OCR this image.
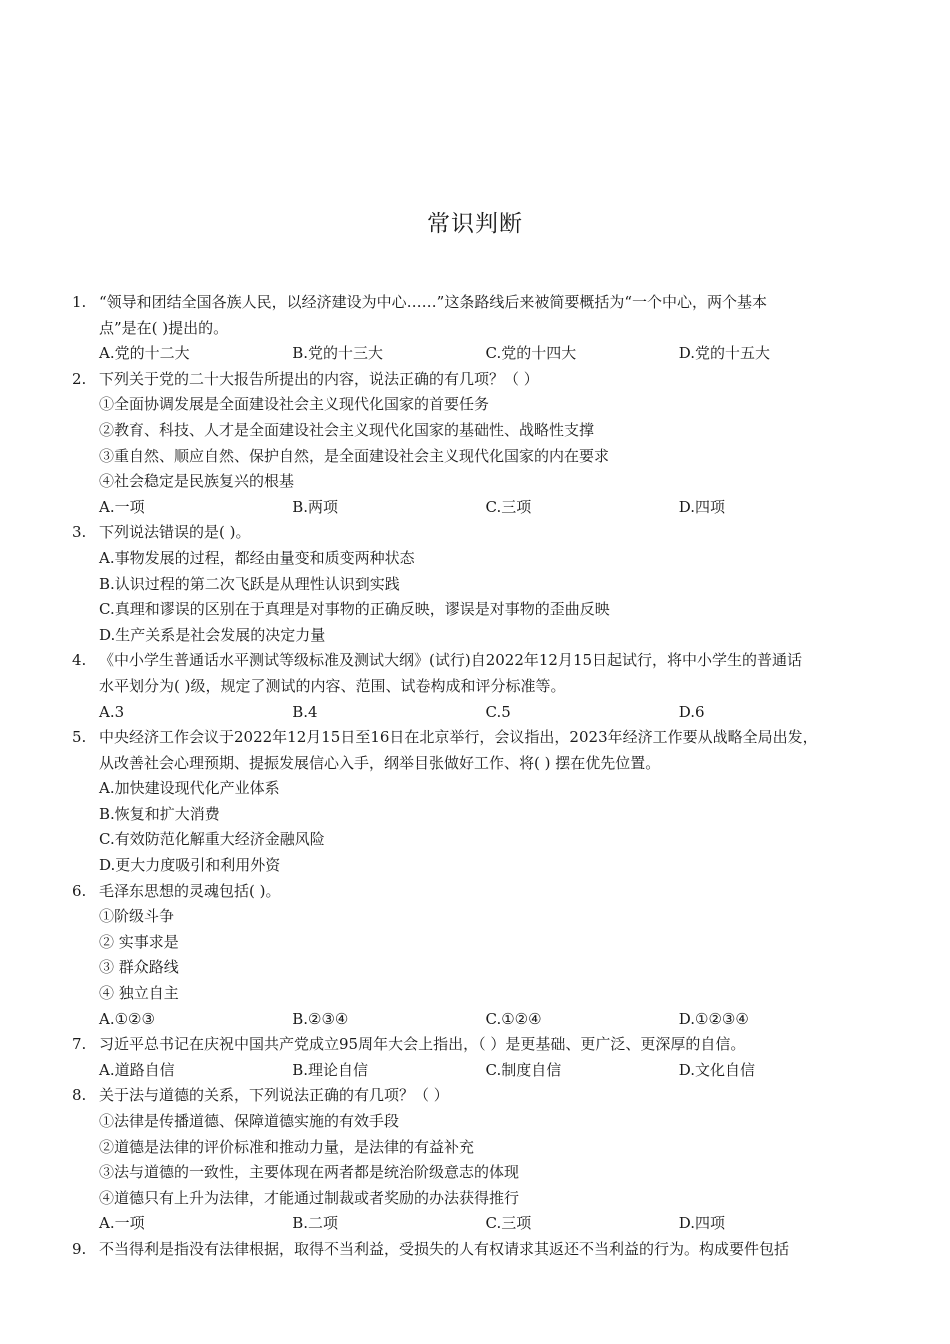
常识判断
1. “领导和团结全国各族人民，以经济建设为中心……”这条路线后来被简要概括为“一个中心，两个基本
点”是在( )提出的。
A.党的十二大	B.党的十三大	C.党的十四大	D.党的十五大
2. 下列关于党的二十大报告所提出的内容，说法正确的有几项？（ ）
①全面协调发展是全面建设社会主义现代化国家的首要任务
②教育、科技、人才是全面建设社会主义现代化国家的基础性、战略性支撑
③重自然、顺应自然、保护自然，是全面建设社会主义现代化国家的内在要求
④社会稳定是民族复兴的根基
A.一项	B.两项	C.三项	D.四项
3. 下列说法错误的是( )。
A.事物发展的过程，都经由量变和质变两种状态
B.认识过程的第二次飞跃是从理性认识到实践
C.真理和谬误的区别在于真理是对事物的正确反映，谬误是对事物的歪曲反映
D.生产关系是社会发展的决定力量
4. 《中小学生普通话水平测试等级标准及测试大纲》(试行)自2022年12月15日起试行，将中小学生的普通话
水平划分为( )级，规定了测试的内容、范围、试卷构成和评分标准等。
A.3	B.4	C.5	D.6
5. 中央经济工作会议于2022年12月15日至16日在北京举行，会议指出，2023年经济工作要从战略全局出发，
从改善社会心理预期、提振发展信心入手，纲举目张做好工作、将( ) 摆在优先位置。
A.加快建设现代化产业体系
B.恢复和扩大消费
C.有效防范化解重大经济金融风险
D.更大力度吸引和利用外资
6. 毛泽东思想的灵魂包括( )。
①阶级斗争
② 实事求是
③ 群众路线
④ 独立自主
A.①②③	B.②③④	C.①②④	D.①②③④
7. 习近平总书记在庆祝中国共产党成立95周年大会上指出，（ ）是更基础、更广泛、更深厚的自信。
A.道路自信	B.理论自信	C.制度自信	D.文化自信
8. 关于法与道德的关系，下列说法正确的有几项？（ ）
①法律是传播道德、保障道德实施的有效手段
②道德是法律的评价标准和推动力量，是法律的有益补充
③法与道德的一致性，主要体现在两者都是统治阶级意志的体现
④道德只有上升为法律，才能通过制裁或者奖励的办法获得推行
A.一项	B.二项	C.三项	D.四项
9. 不当得利是指没有法律根据，取得不当利益，受损失的人有权请求其返还不当利益的行为。构成要件包括
